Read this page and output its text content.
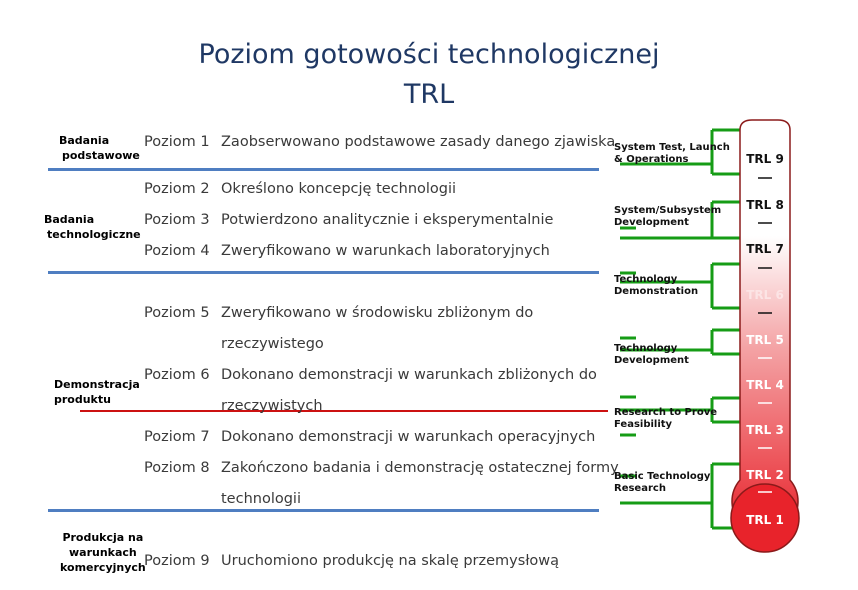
Poziom gotowości technologicznej
TRL
Badania
podstawowe
Badania
technologiczne
Demonstracja
produktu
Produkcja na
warunkach
komercyjnych
Poziom 1 Zaobserwowano podstawowe zasady danego zjawiska
Poziom 2 Określono koncepcję technologii
Poziom 3 Potwierdzono analitycznie i eksperymentalnie
Poziom 4 Zweryfikowano w warunkach laboratoryjnych
Poziom 5 Zweryfikowano w środowisku zbliżonym do
rzeczywistego
Poziom 6 Dokonano demonstracji w warunkach zbliżonych do
rzeczywistych
Poziom 7 Dokonano demonstracji w warunkach operacyjnych
Poziom 8 Zakończono badania i demonstrację ostatecznej formy
technologii
Poziom 9 Uruchomiono produkcję na skalę przemysłową
TRL 9
TRL 8
TRL 7
TRL 6
TRL 5
TRL 4
TRL 3
TRL 2
TRL 1
System Test, Launch
& Operations
System/Subsystem
Development
Technology
Demonstration
Technology
Development
Research to Prove
Feasibility
Basic Technology
Research
